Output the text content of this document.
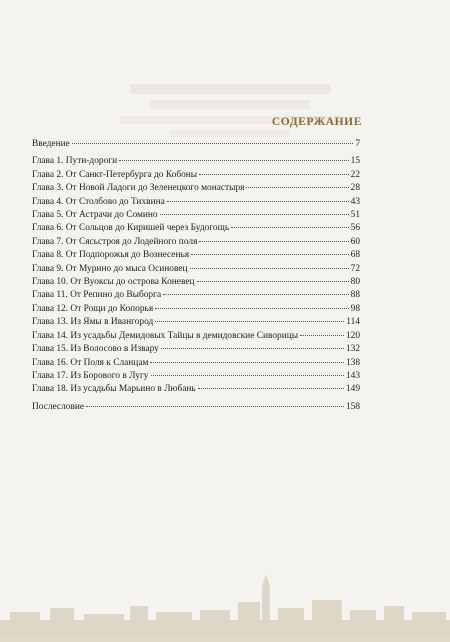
СОДЕРЖАНИЕ
Введение	7
Глава 1. Пути-дороги	15
Глава 2. От Санкт-Петербурга до Кобоны	22
Глава 3. От Новой Ладоги до Зеленецкого монастыря	28
Глава 4. От Столбово до Тихвина	43
Глава 5. От Астрачи до Сомино	51
Глава 6. От Сольцов до Киришей через Будогощь	56
Глава 7. От Сясьстроя до Лодейного поля	60
Глава 8. От Подпорожья до Вознесенья	68
Глава 9. От Мурино до мыса Осиновец	72
Глава 10. От Вуоксы до острова Коневец	80
Глава 11. От Репино до Выборга	88
Глава 12. От Рощи до Копорья	98
Глава 13. Из Ямы в Ивангород	114
Глава 14. Из усадьбы Демидовых Тайцы в демидовские Сиворицы	120
Глава 15. Из Волосово в Извару	132
Глава 16. От Поля к Сланцам	138
Глава 17. Из Борового в Лугу	143
Глава 18. Из усадьбы Марьино в Любань	149
Послесловие	158
